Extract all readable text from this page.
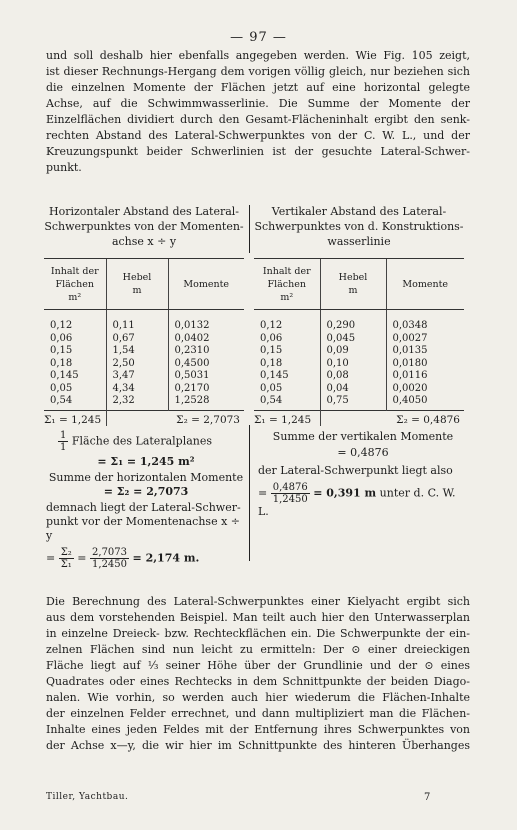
— 97 —
und soll deshalb hier ebenfalls angegeben werden. Wie Fig. 105 zeigt,
ist dieser Rechnungs-Hergang dem vorigen völlig gleich, nur beziehen sich
die einzelnen Momente der Flächen jetzt auf eine horizontal gelegte
Achse, auf die Schwimmwasserlinie. Die Summe der Momente der
Einzelflächen dividiert durch den Gesamt-Flächeninhalt ergibt den senk-
rechten Abstand des Lateral-Schwerpunktes von der C. W. L., und der
Kreuzungspunkt beider Schwerlinien ist der gesuchte Lateral-Schwer-
punkt.
Horizontaler Abstand des Lateral-
Schwerpunktes von der Momenten-
achse x ÷ y
Vertikaler Abstand des Lateral-
Schwerpunktes von d. Konstruktions-
wasserlinie
Inhalt der
Flächen
m²	Hebel
m	Momente
0,12	0,11	0,0132
0,06	0,67	0,0402
0,15	1,54	0,2310
0,18	2,50	0,4500
0,145	3,47	0,5031
0,05	4,34	0,2170
0,54	2,32	1,2528
Σ₁ = 1,245	Σ₂ = 2,7073	
Inhalt der
Flächen
m²	Hebel
m	Momente
0,12	0,290	0,0348
0,06	0,045	0,0027
0,15	0,09	0,0135
0,18	0,10	0,0180
0,145	0,08	0,0116
0,05	0,04	0,0020
0,54	0,75	0,4050
Σ₁ = 1,245	Σ₂ = 0,4876	
$\frac{1}{1}$ Fläche des Lateralplanes
= Σ₁ = 1,245 m²
Summe der horizontalen Momente
= Σ₂ = 2,7073
demnach liegt der Lateral-Schwer-
punkt vor der Momentenachse x ÷ y
= $\frac{\text{Σ₂}}{\text{Σ₁}} = \frac{2,7073}{1,2450} = 2,174$ m.
Summe der vertikalen Momente
= 0,4876
der Lateral-Schwerpunkt liegt also
= $\frac{0,4876}{1,2450} = 0,391$ m unter d. C. W. L.
Die Berechnung des Lateral-Schwerpunktes einer Kielyacht ergibt sich
aus dem vorstehenden Beispiel. Man teilt auch hier den Unterwasserplan
in einzelne Dreieck- bzw. Rechteckflächen ein. Die Schwerpunkte der ein-
zelnen Flächen sind nun leicht zu ermitteln: Der ⊙ einer dreieckigen
Fläche liegt auf ¹⁄₃ seiner Höhe über der Grundlinie und der ⊙ eines
Quadrates oder eines Rechtecks in dem Schnittpunkte der beiden Diago-
nalen. Wie vorhin, so werden auch hier wiederum die Flächen-Inhalte
der einzelnen Felder errechnet, und dann multipliziert man die Flächen-
Inhalte eines jeden Feldes mit der Entfernung ihres Schwerpunktes von
der Achse x—y, die wir hier im Schnittpunkte des hinteren Überhanges
Tiller, Yachtbau.	7
